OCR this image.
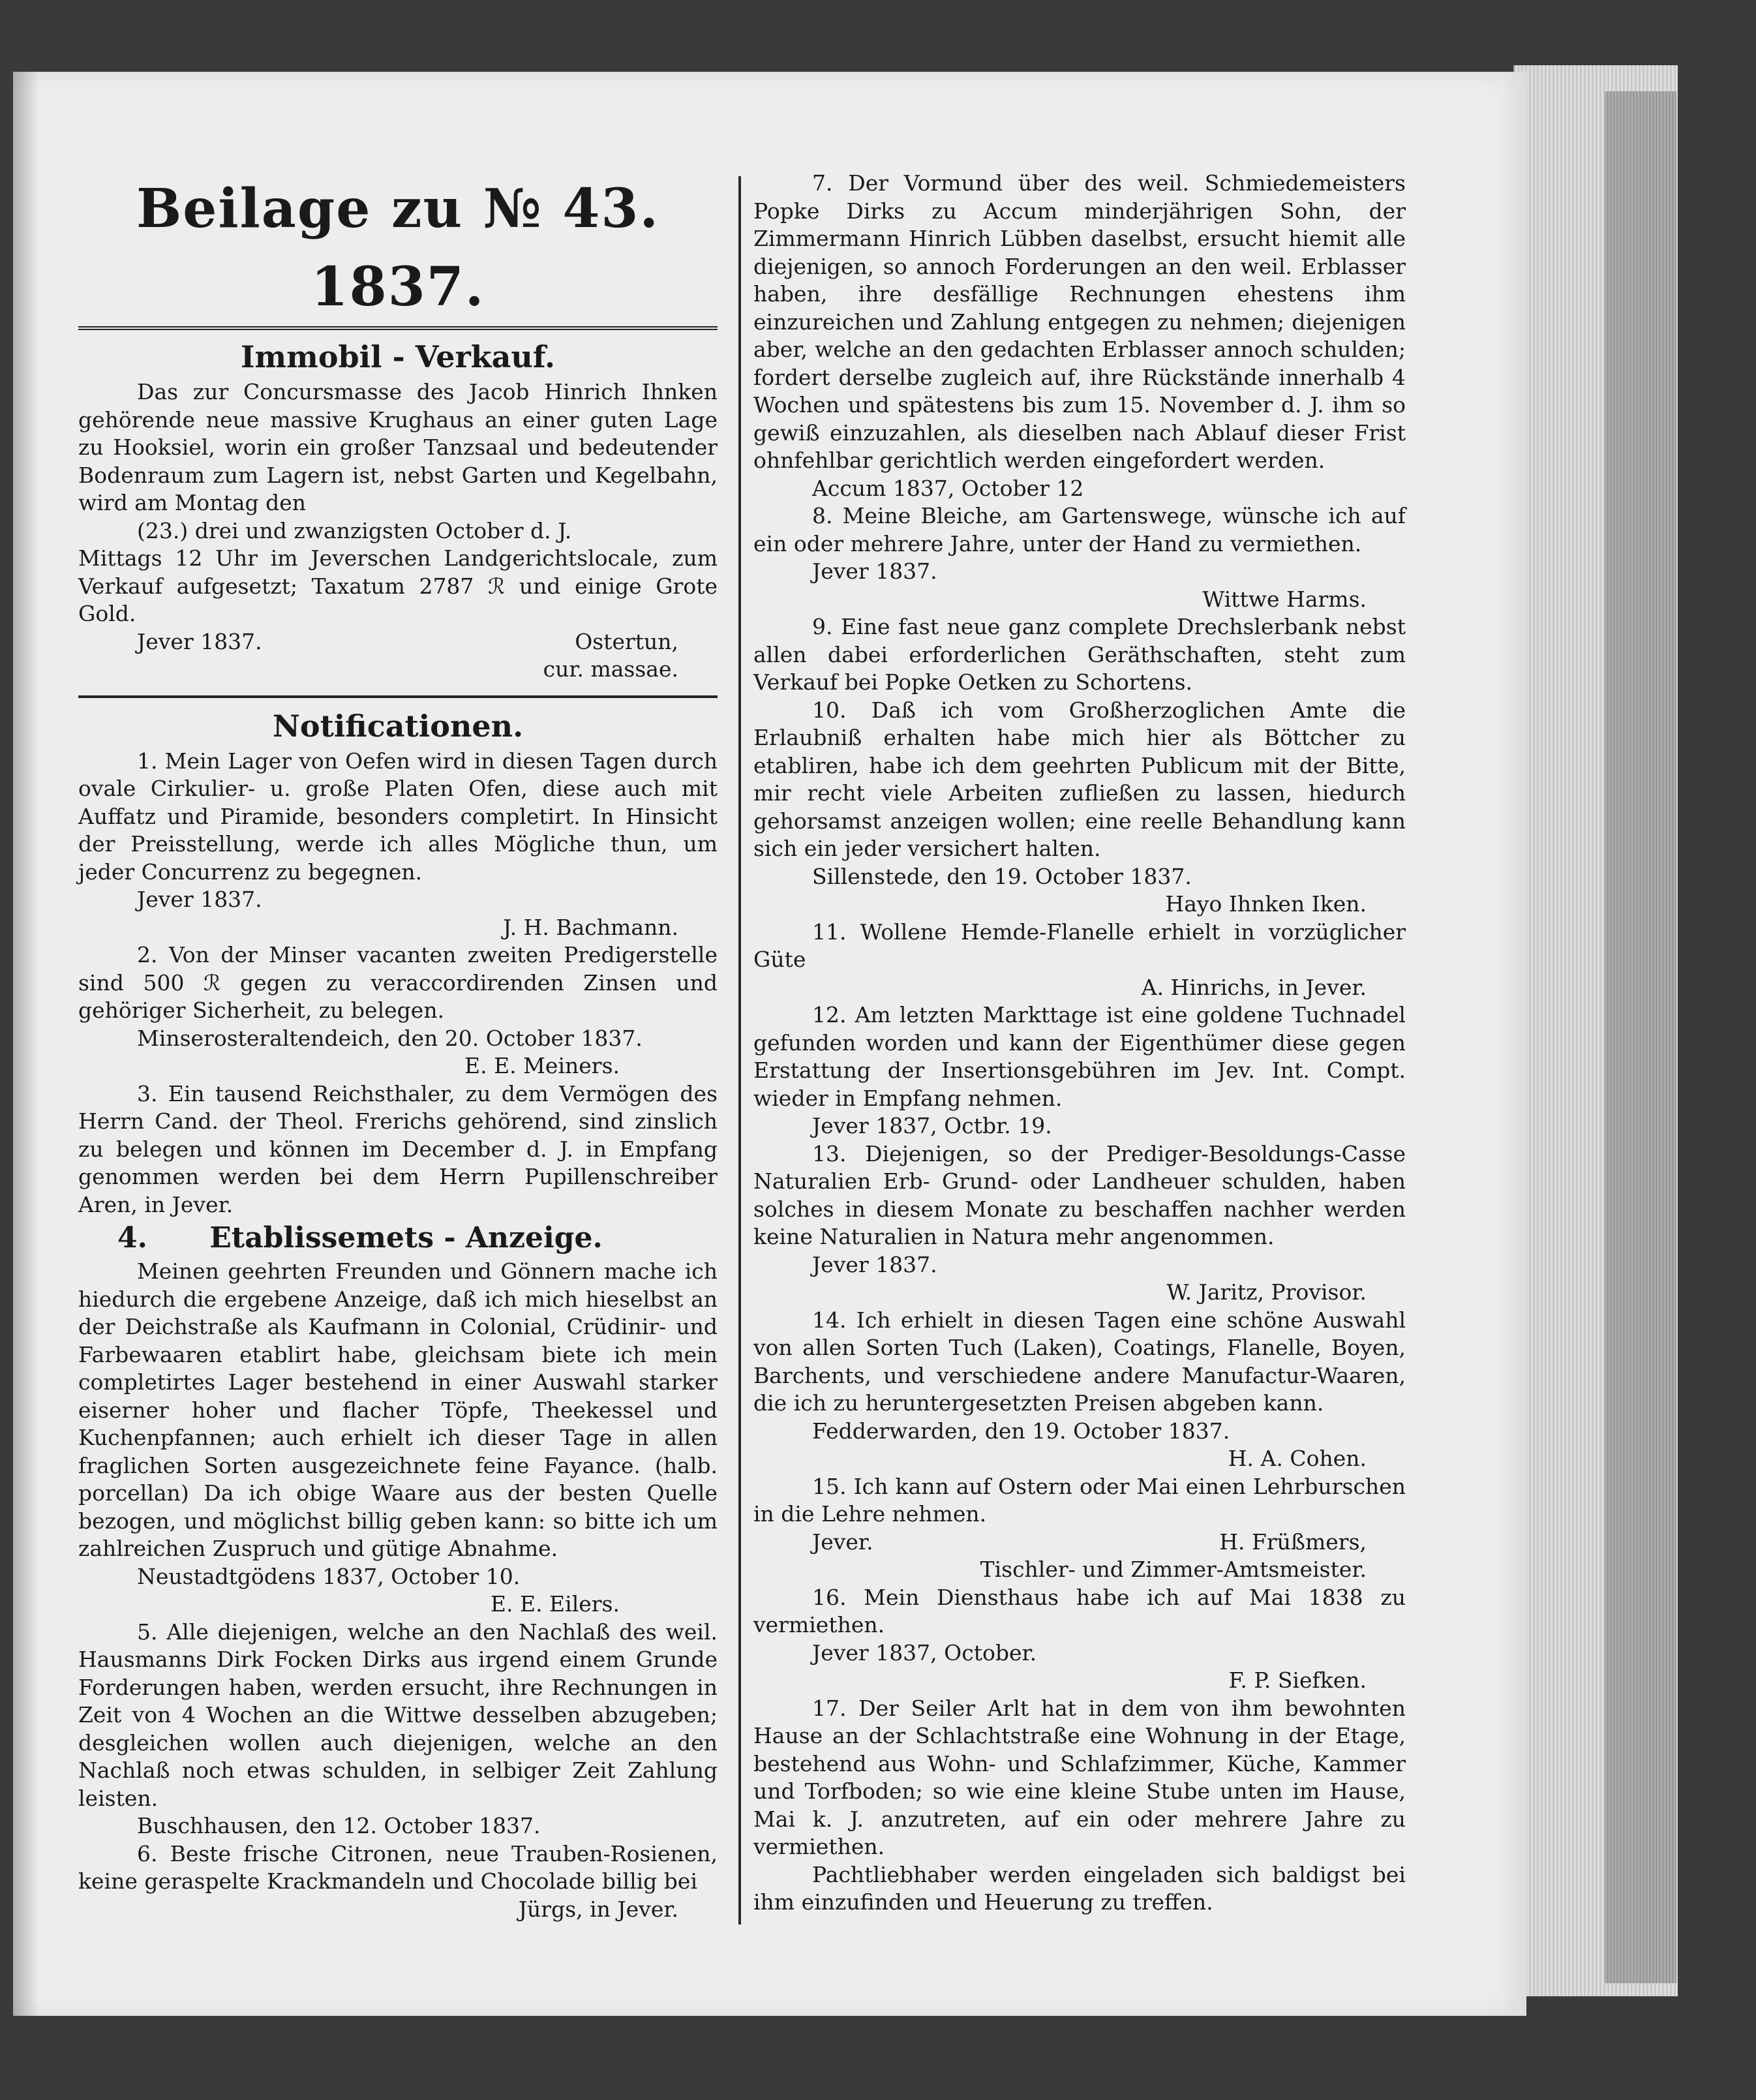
Beilage zu № 43. 1837.
Immobil - Verkauf.

Das zur Concursmasse des Jacob Hinrich Ihnken gehörende neue massive Krughaus an einer guten Lage zu Hooksiel, worin ein großer Tanzsaal und bedeutender Bodenraum zum Lagern ist, nebst Garten und Kegelbahn, wird am Montag den

(23.) drei und zwanzigsten October d. J.

Mittags 12 Uhr im Jeverschen Landgerichtslocale, zum Verkauf aufgesetzt; Taxatum 2787 ℛ und einige Grote Gold.

Jever 1837.	Ostertun,

cur. massae.

Notificationen.

1. Mein Lager von Oefen wird in diesen Tagen durch ovale Cirkulier- u. große Platen Ofen, diese auch mit Auffatz und Piramide, besonders completirt. In Hinsicht der Preisstellung, werde ich alles Mögliche thun, um jeder Concurrenz zu begegnen.

Jever 1837.

J. H. Bachmann.

2. Von der Minser vacanten zweiten Predigerstelle sind 500 ℛ gegen zu veraccordirenden Zinsen und gehöriger Sicherheit, zu belegen.

Minserosteraltendeich, den 20. October 1837.

E. E. Meiners.

3. Ein tausend Reichsthaler, zu dem Vermögen des Herrn Cand. der Theol. Frerichs gehörend, sind zinslich zu belegen und können im December d. J. in Empfang genommen werden bei dem Herrn Pupillenschreiber Aren, in Jever.

4. Etablissemets - Anzeige.

Meinen geehrten Freunden und Gönnern mache ich hiedurch die ergebene Anzeige, daß ich mich hieselbst an der Deichstraße als Kaufmann in Colonial, Crüdinir- und Farbewaaren etablirt habe, gleichsam biete ich mein completirtes Lager bestehend in einer Auswahl starker eiserner hoher und flacher Töpfe, Theekessel und Kuchenpfannen; auch erhielt ich dieser Tage in allen fraglichen Sorten ausgezeichnete feine Fayance. (halb. porcellan) Da ich obige Waare aus der besten Quelle bezogen, und möglichst billig geben kann: so bitte ich um zahlreichen Zuspruch und gütige Abnahme.

Neustadtgödens 1837, October 10.

E. E. Eilers.

5. Alle diejenigen, welche an den Nachlaß des weil. Hausmanns Dirk Focken Dirks aus irgend einem Grunde Forderungen haben, werden ersucht, ihre Rechnungen in Zeit von 4 Wochen an die Wittwe desselben abzugeben; desgleichen wollen auch diejenigen, welche an den Nachlaß noch etwas schulden, in selbiger Zeit Zahlung leisten.

Buschhausen, den 12. October 1837.

6. Beste frische Citronen, neue Trauben-Rosienen, keine geraspelte Krackmandeln und Chocolade billig bei

Jürgs, in Jever.

7. Der Vormund über des weil. Schmiedemeisters Popke Dirks zu Accum minderjährigen Sohn, der Zimmermann Hinrich Lübben daselbst, ersucht hiemit alle diejenigen, so annoch Forderungen an den weil. Erblasser haben, ihre desfällige Rechnungen ehestens ihm einzureichen und Zahlung entgegen zu nehmen; diejenigen aber, welche an den gedachten Erblasser annoch schulden; fordert derselbe zugleich auf, ihre Rückstände innerhalb 4 Wochen und spätestens bis zum 15. November d. J. ihm so gewiß einzuzahlen, als dieselben nach Ablauf dieser Frist ohnfehlbar gerichtlich werden eingefordert werden.

Accum 1837, October 12

8. Meine Bleiche, am Gartenswege, wünsche ich auf ein oder mehrere Jahre, unter der Hand zu vermiethen.

Jever 1837.

Wittwe Harms.

9. Eine fast neue ganz complete Drechslerbank nebst allen dabei erforderlichen Geräthschaften, steht zum Verkauf bei Popke Oetken zu Schortens.

10. Daß ich vom Großherzoglichen Amte die Erlaubniß erhalten habe mich hier als Böttcher zu etabliren, habe ich dem geehrten Publicum mit der Bitte, mir recht viele Arbeiten zufließen zu lassen, hiedurch gehorsamst anzeigen wollen; eine reelle Behandlung kann sich ein jeder versichert halten.

Sillenstede, den 19. October 1837.

Hayo Ihnken Iken.

11. Wollene Hemde-Flanelle erhielt in vorzüglicher Güte

A. Hinrichs, in Jever.

12. Am letzten Markttage ist eine goldene Tuchnadel gefunden worden und kann der Eigenthümer diese gegen Erstattung der Insertionsgebühren im Jev. Int. Compt. wieder in Empfang nehmen.

Jever 1837, Octbr. 19.

13. Diejenigen, so der Prediger-Besoldungs-Casse Naturalien Erb- Grund- oder Landheuer schulden, haben solches in diesem Monate zu beschaffen nachher werden keine Naturalien in Natura mehr angenommen.

Jever 1837.

W. Jaritz, Provisor.

14. Ich erhielt in diesen Tagen eine schöne Auswahl von allen Sorten Tuch (Laken), Coatings, Flanelle, Boyen, Barchents, und verschiedene andere Manufactur-Waaren, die ich zu heruntergesetzten Preisen abgeben kann.

Fedderwarden, den 19. October 1837.

H. A. Cohen.

15. Ich kann auf Ostern oder Mai einen Lehrburschen in die Lehre nehmen.

Jever.	H. Früßmers,

Tischler- und Zimmer-Amtsmeister.

16. Mein Diensthaus habe ich auf Mai 1838 zu vermiethen.

Jever 1837, October.

F. P. Siefken.

17. Der Seiler Arlt hat in dem von ihm bewohnten Hause an der Schlachtstraße eine Wohnung in der Etage, bestehend aus Wohn- und Schlafzimmer, Küche, Kammer und Torfboden; so wie eine kleine Stube unten im Hause, Mai k. J. anzutreten, auf ein oder mehrere Jahre zu vermiethen.

Pachtliebhaber werden eingeladen sich baldigst bei ihm einzufinden und Heuerung zu treffen.
